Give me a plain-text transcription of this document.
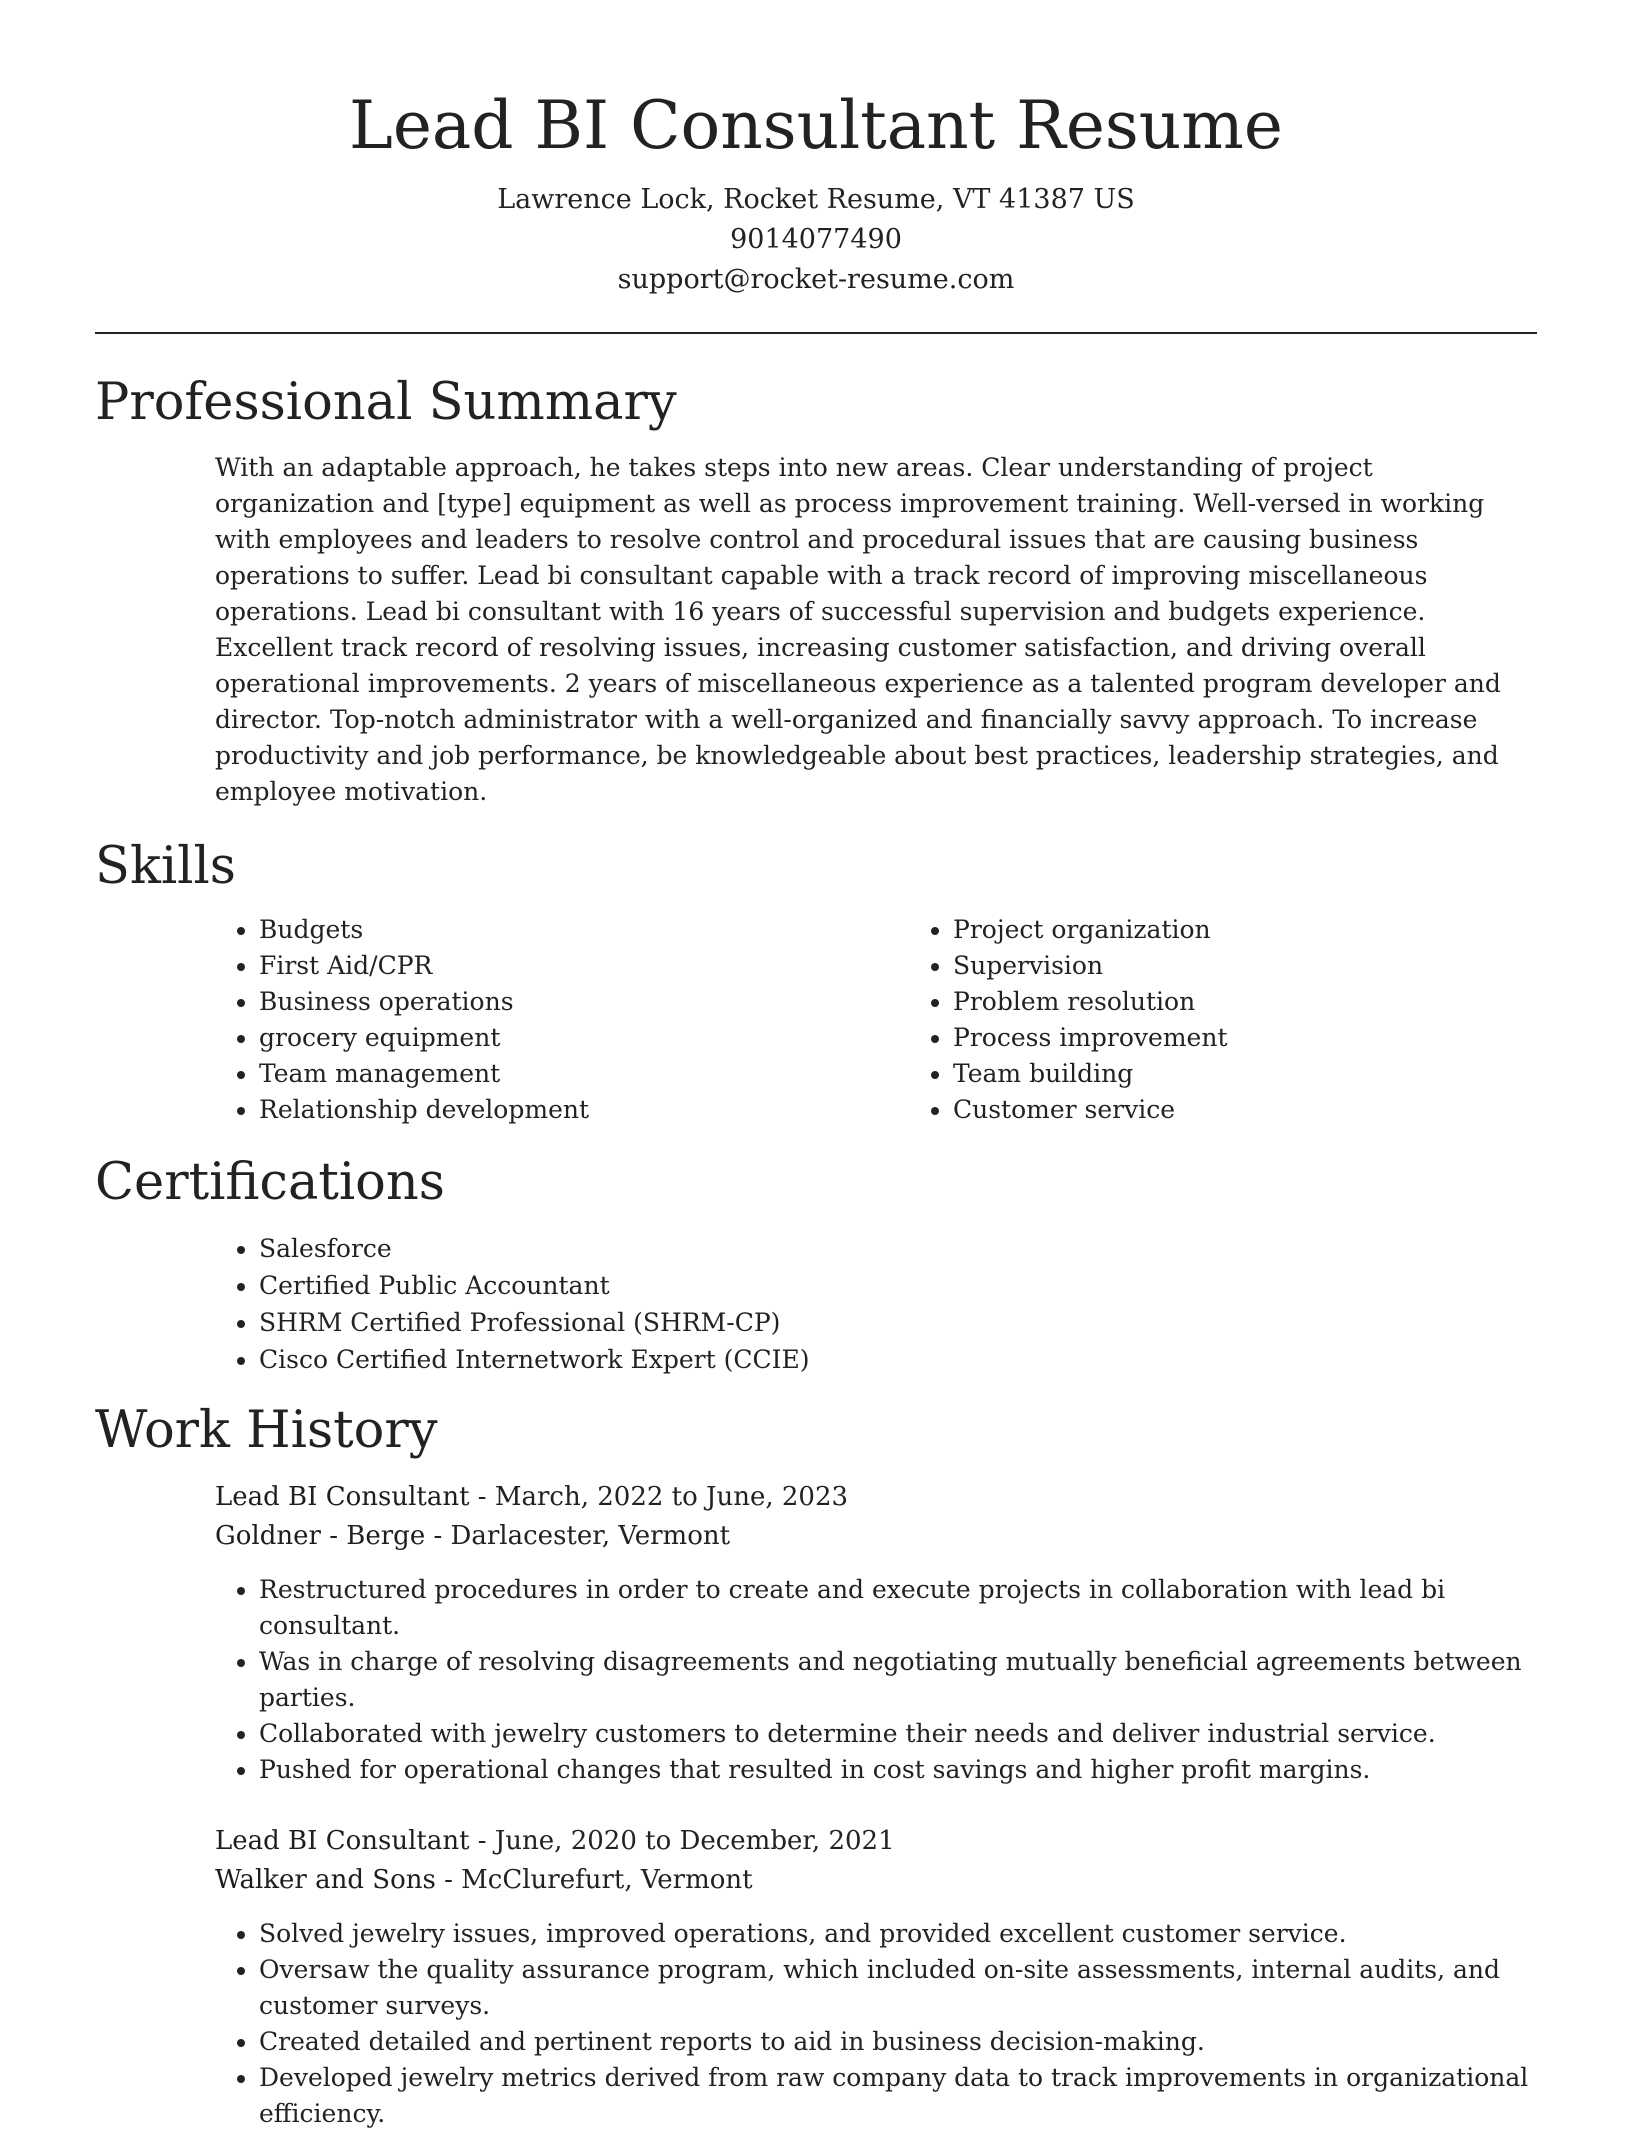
Lead BI Consultant Resume
Lawrence Lock, Rocket Resume, VT 41387 US
9014077490
support@rocket-resume.com
Professional Summary

With an adaptable approach, he takes steps into new areas. Clear understanding of project organization and [type] equipment as well as process improvement training. Well-versed in working with employees and leaders to resolve control and procedural issues that are causing business operations to suffer. Lead bi consultant capable with a track record of improving miscellaneous operations. Lead bi consultant with 16 years of successful supervision and budgets experience. Excellent track record of resolving issues, increasing customer satisfaction, and driving overall operational improvements. 2 years of miscellaneous experience as a talented program developer and director. Top-notch administrator with a well-organized and financially savvy approach. To increase productivity and job performance, be knowledgeable about best practices, leadership strategies, and employee motivation.

Skills
• Budgets
• First Aid/CPR
• Business operations
• grocery equipment
• Team management
• Relationship development
• Project organization
• Supervision
• Problem resolution
• Process improvement
• Team building
• Customer service
Certifications
• Salesforce
• Certified Public Accountant
• SHRM Certified Professional (SHRM-CP)
• Cisco Certified Internetwork Expert (CCIE)
Work History
Lead BI Consultant - March, 2022 to June, 2023
Goldner - Berge - Darlacester, Vermont
• Restructured procedures in order to create and execute projects in collaboration with lead bi consultant.
• Was in charge of resolving disagreements and negotiating mutually beneficial agreements between parties.
• Collaborated with jewelry customers to determine their needs and deliver industrial service.
• Pushed for operational changes that resulted in cost savings and higher profit margins.
Lead BI Consultant - June, 2020 to December, 2021
Walker and Sons - McClurefurt, Vermont
• Solved jewelry issues, improved operations, and provided excellent customer service.
• Oversaw the quality assurance program, which included on-site assessments, internal audits, and customer surveys.
• Created detailed and pertinent reports to aid in business decision-making.
• Developed jewelry metrics derived from raw company data to track improvements in organizational efficiency.
